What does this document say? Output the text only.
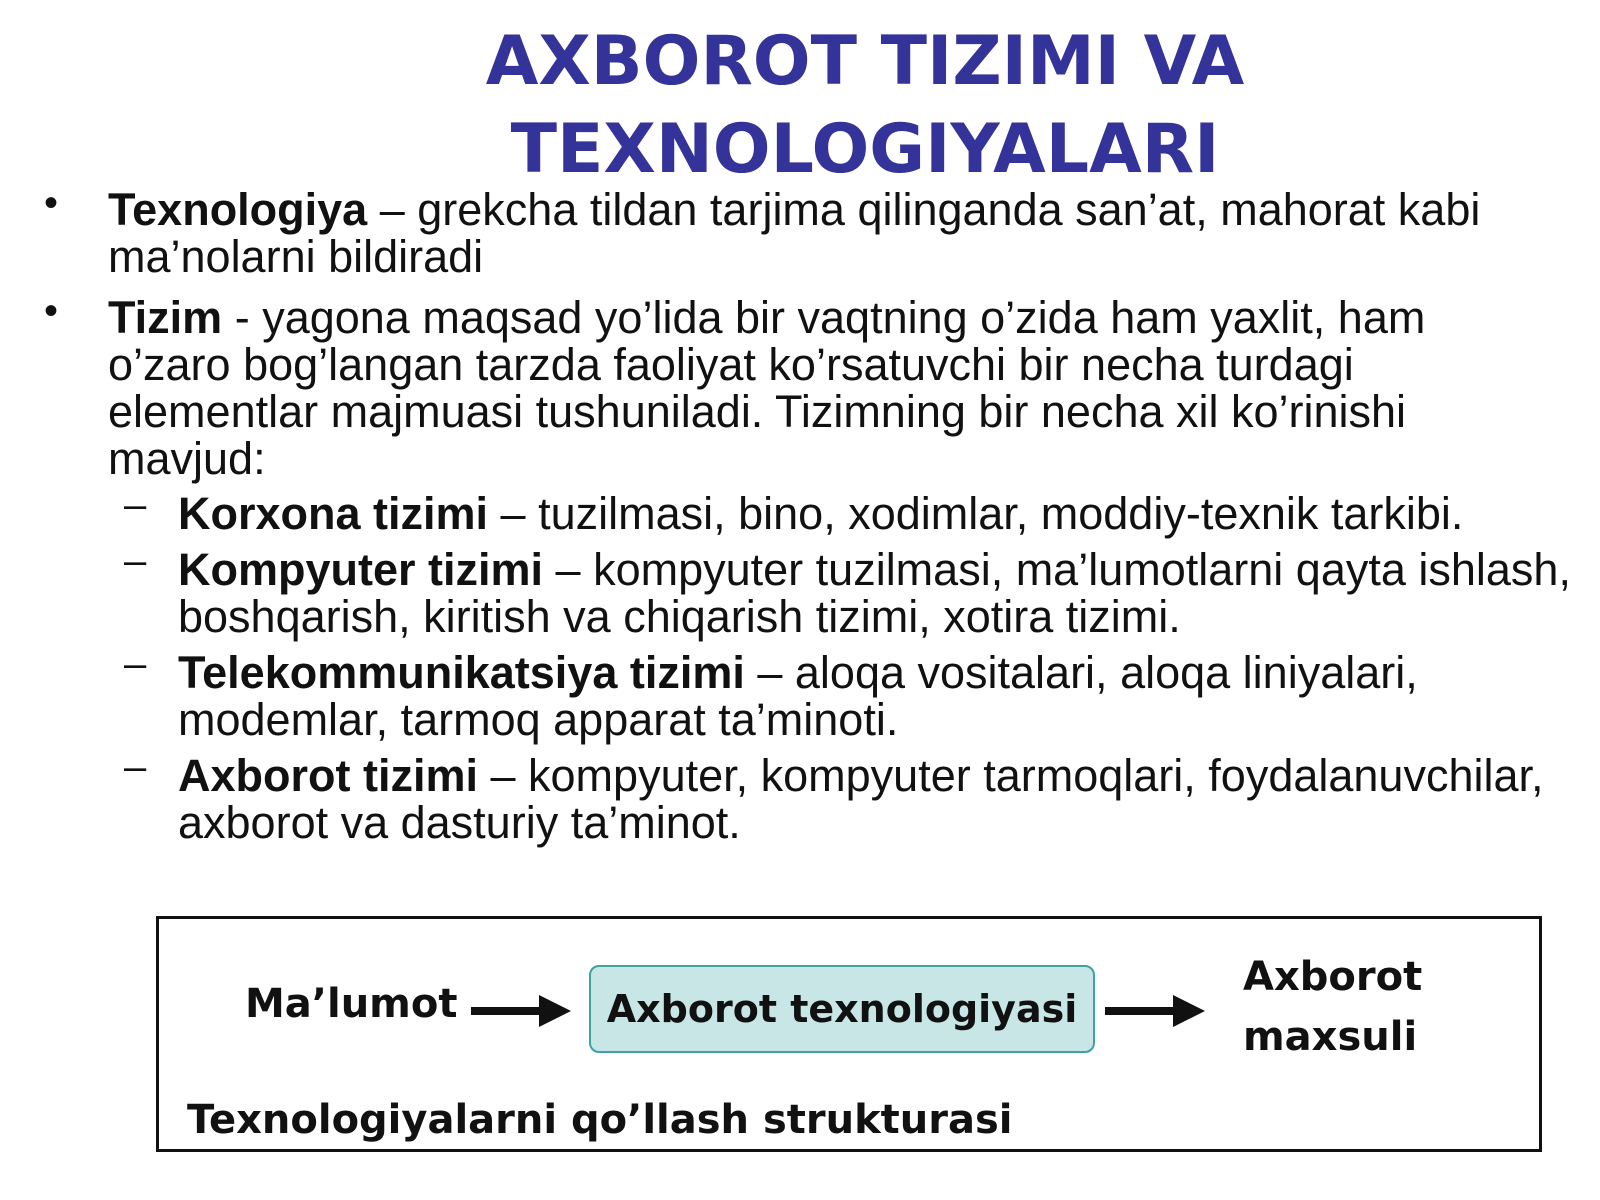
AXBOROT TIZIMI VA
TEXNOLOGIYALARI
• Texnologiya – grekcha tildan tarjima qilinganda san’at, mahorat kabi ma’nolarni bildiradi
• Tizim - yagona maqsad yo’lida bir vaqtning o’zida ham yaxlit, ham o’zaro bog’langan tarzda faoliyat ko’rsatuvchi bir necha turdagi elementlar majmuasi tushuniladi. Tizimning bir necha xil ko’rinishi mavjud:
– Korxona tizimi – tuzilmasi, bino, xodimlar, moddiy-texnik tarkibi.
– Kompyuter tizimi – kompyuter tuzilmasi, ma’lumotlarni qayta ishlash, boshqarish, kiritish va chiqarish tizimi, xotira tizimi.
– Telekommunikatsiya tizimi – aloqa vositalari, aloqa liniyalari, modemlar, tarmoq apparat ta’minoti.
– Axborot tizimi – kompyuter, kompyuter tarmoqlari, foydalanuvchilar, axborot va dasturiy ta’minot.
Ma’lumot	Axborot texnologiyasi
Axborot
maxsuli
Texnologiyalarni qo’llash strukturasi
